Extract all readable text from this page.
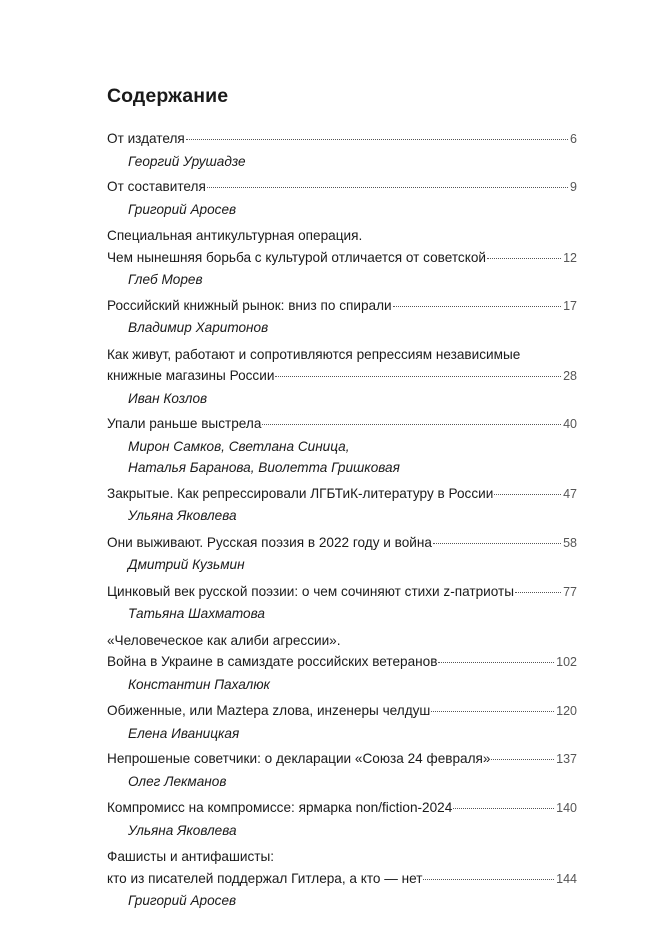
Содержание
От издателя	6
Георгий Урушадзе
От составителя	9
Григорий Аросев
Специальная антикультурная операция.
Чем нынешняя борьба с культурой отличается от советской	12
Глеб Морев
Российский книжный рынок: вниз по спирали	17
Владимир Харитонов
Как живут, работают и сопротивляются репрессиям независимые
книжные магазины России	28
Иван Козлов
Упали раньше выстрела	40
Мирон Самков, Светлана Синица,
Наталья Баранова, Виолетта Гришковая
Закрытые. Как репрессировали ЛГБТиК-литературу в России	47
Ульяна Яковлева
Они выживают. Русская поэзия в 2022 году и война	58
Дмитрий Кузьмин
Цинковый век русской поэзии: о чем сочиняют стихи z-патриоты	77
Татьяна Шахматова
«Человеческое как алиби агрессии».
Война в Украине в самиздате российских ветеранов	102
Константин Пахалюк
Обиженные, или Maztepa zлова, инzенеры челдуш	120
Елена Иваницкая
Непрошеные советчики: о декларации «Союза 24 февраля»	137
Олег Лекманов
Компромисс на компромиссе: ярмарка non/fiction-2024	140
Ульяна Яковлева
Фашисты и антифашисты:
кто из писателей поддержал Гитлера, а кто — нет	144
Григорий Аросев
